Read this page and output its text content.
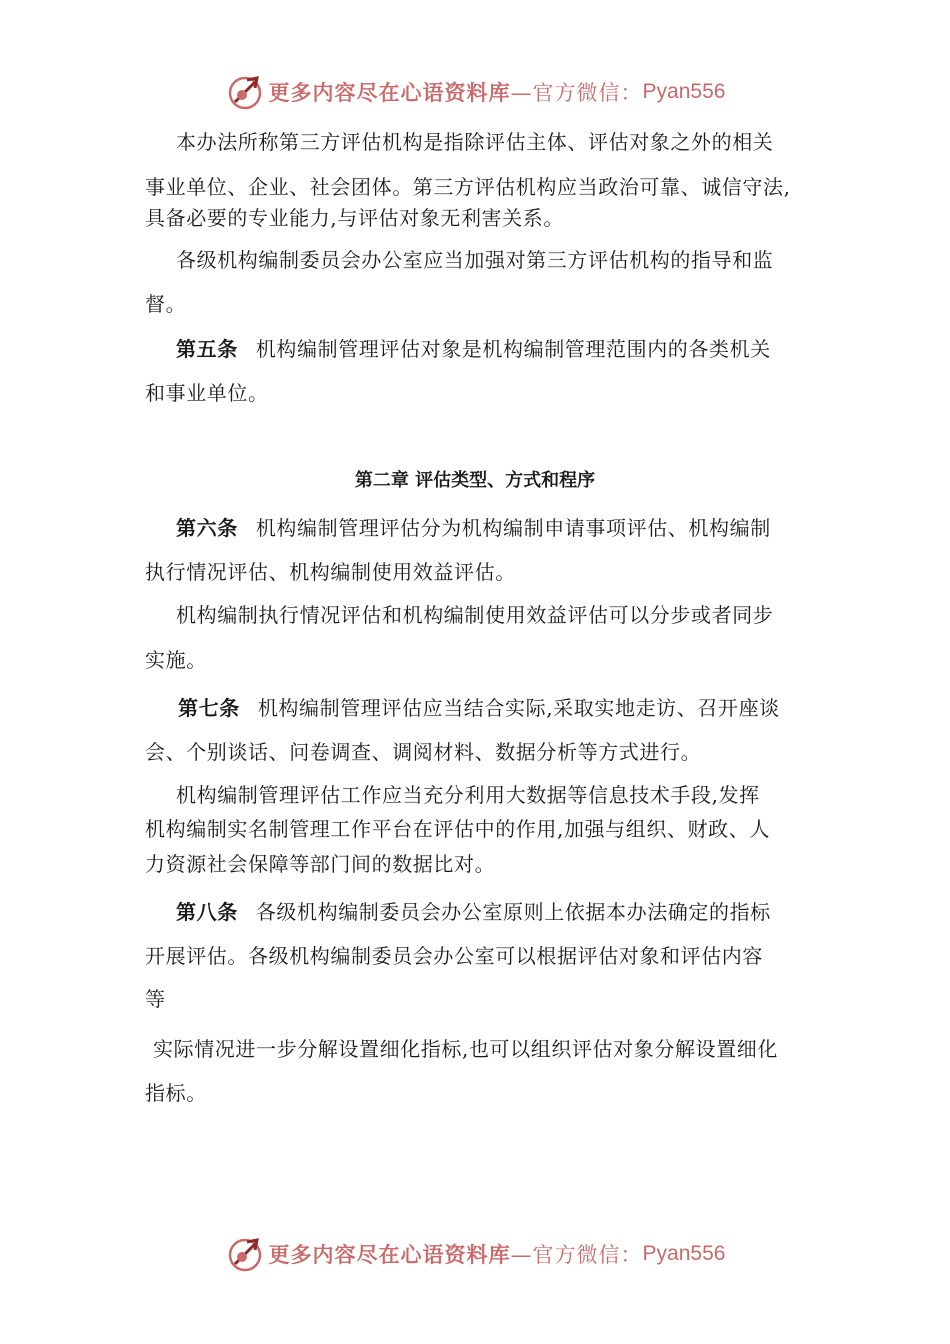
更多内容尽在心语资料库 —官方微信： Pyan556
本办法所称第三方评估机构是指除评估主体、评估对象之外的相关
事业单位、企业、社会团体。第三方评估机构应当政治可靠、诚信守法,
具备必要的专业能力,与评估对象无利害关系。
各级机构编制委员会办公室应当加强对第三方评估机构的指导和监
督。
第五条 机构编制管理评估对象是机构编制管理范围内的各类机关
和事业单位。
第二章 评估类型、方式和程序
第六条 机构编制管理评估分为机构编制申请事项评估、机构编制
执行情况评估、机构编制使用效益评估。
机构编制执行情况评估和机构编制使用效益评估可以分步或者同步
实施。
第七条 机构编制管理评估应当结合实际,采取实地走访、召开座谈
会、个别谈话、问卷调查、调阅材料、数据分析等方式进行。
机构编制管理评估工作应当充分利用大数据等信息技术手段,发挥
机构编制实名制管理工作平台在评估中的作用,加强与组织、财政、人
力资源社会保障等部门间的数据比对。
第八条 各级机构编制委员会办公室原则上依据本办法确定的指标
开展评估。各级机构编制委员会办公室可以根据评估对象和评估内容
等
实际情况进一步分解设置细化指标,也可以组织评估对象分解设置细化
指标。
更多内容尽在心语资料库 —官方微信： Pyan556
